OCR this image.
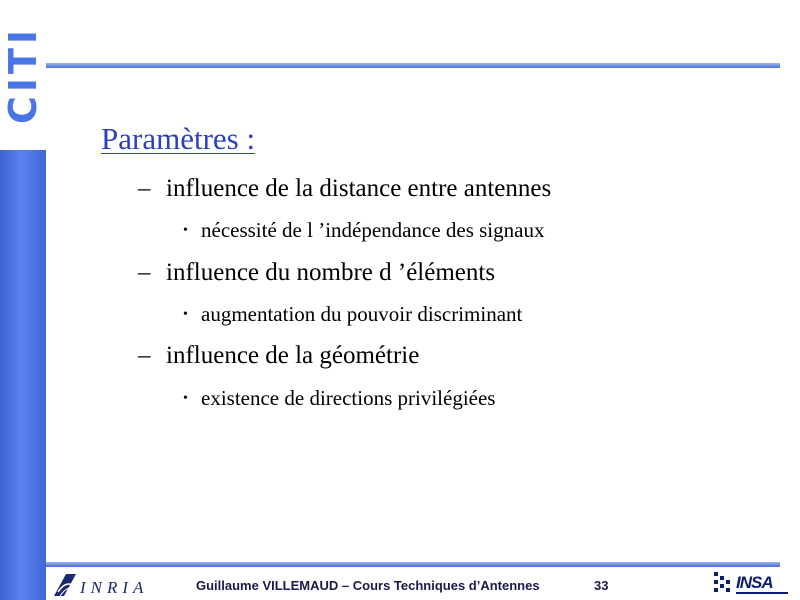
CITI
Paramètres :
– influence de la distance entre antennes
• nécessité de l ’indépendance des signaux
– influence du nombre d ’éléments
• augmentation du pouvoir discriminant
– influence de la géométrie
• existence de directions privilégiées
INRIA	Guillaume VILLEMAUD – Cours Techniques d’Antennes	33	INSA
